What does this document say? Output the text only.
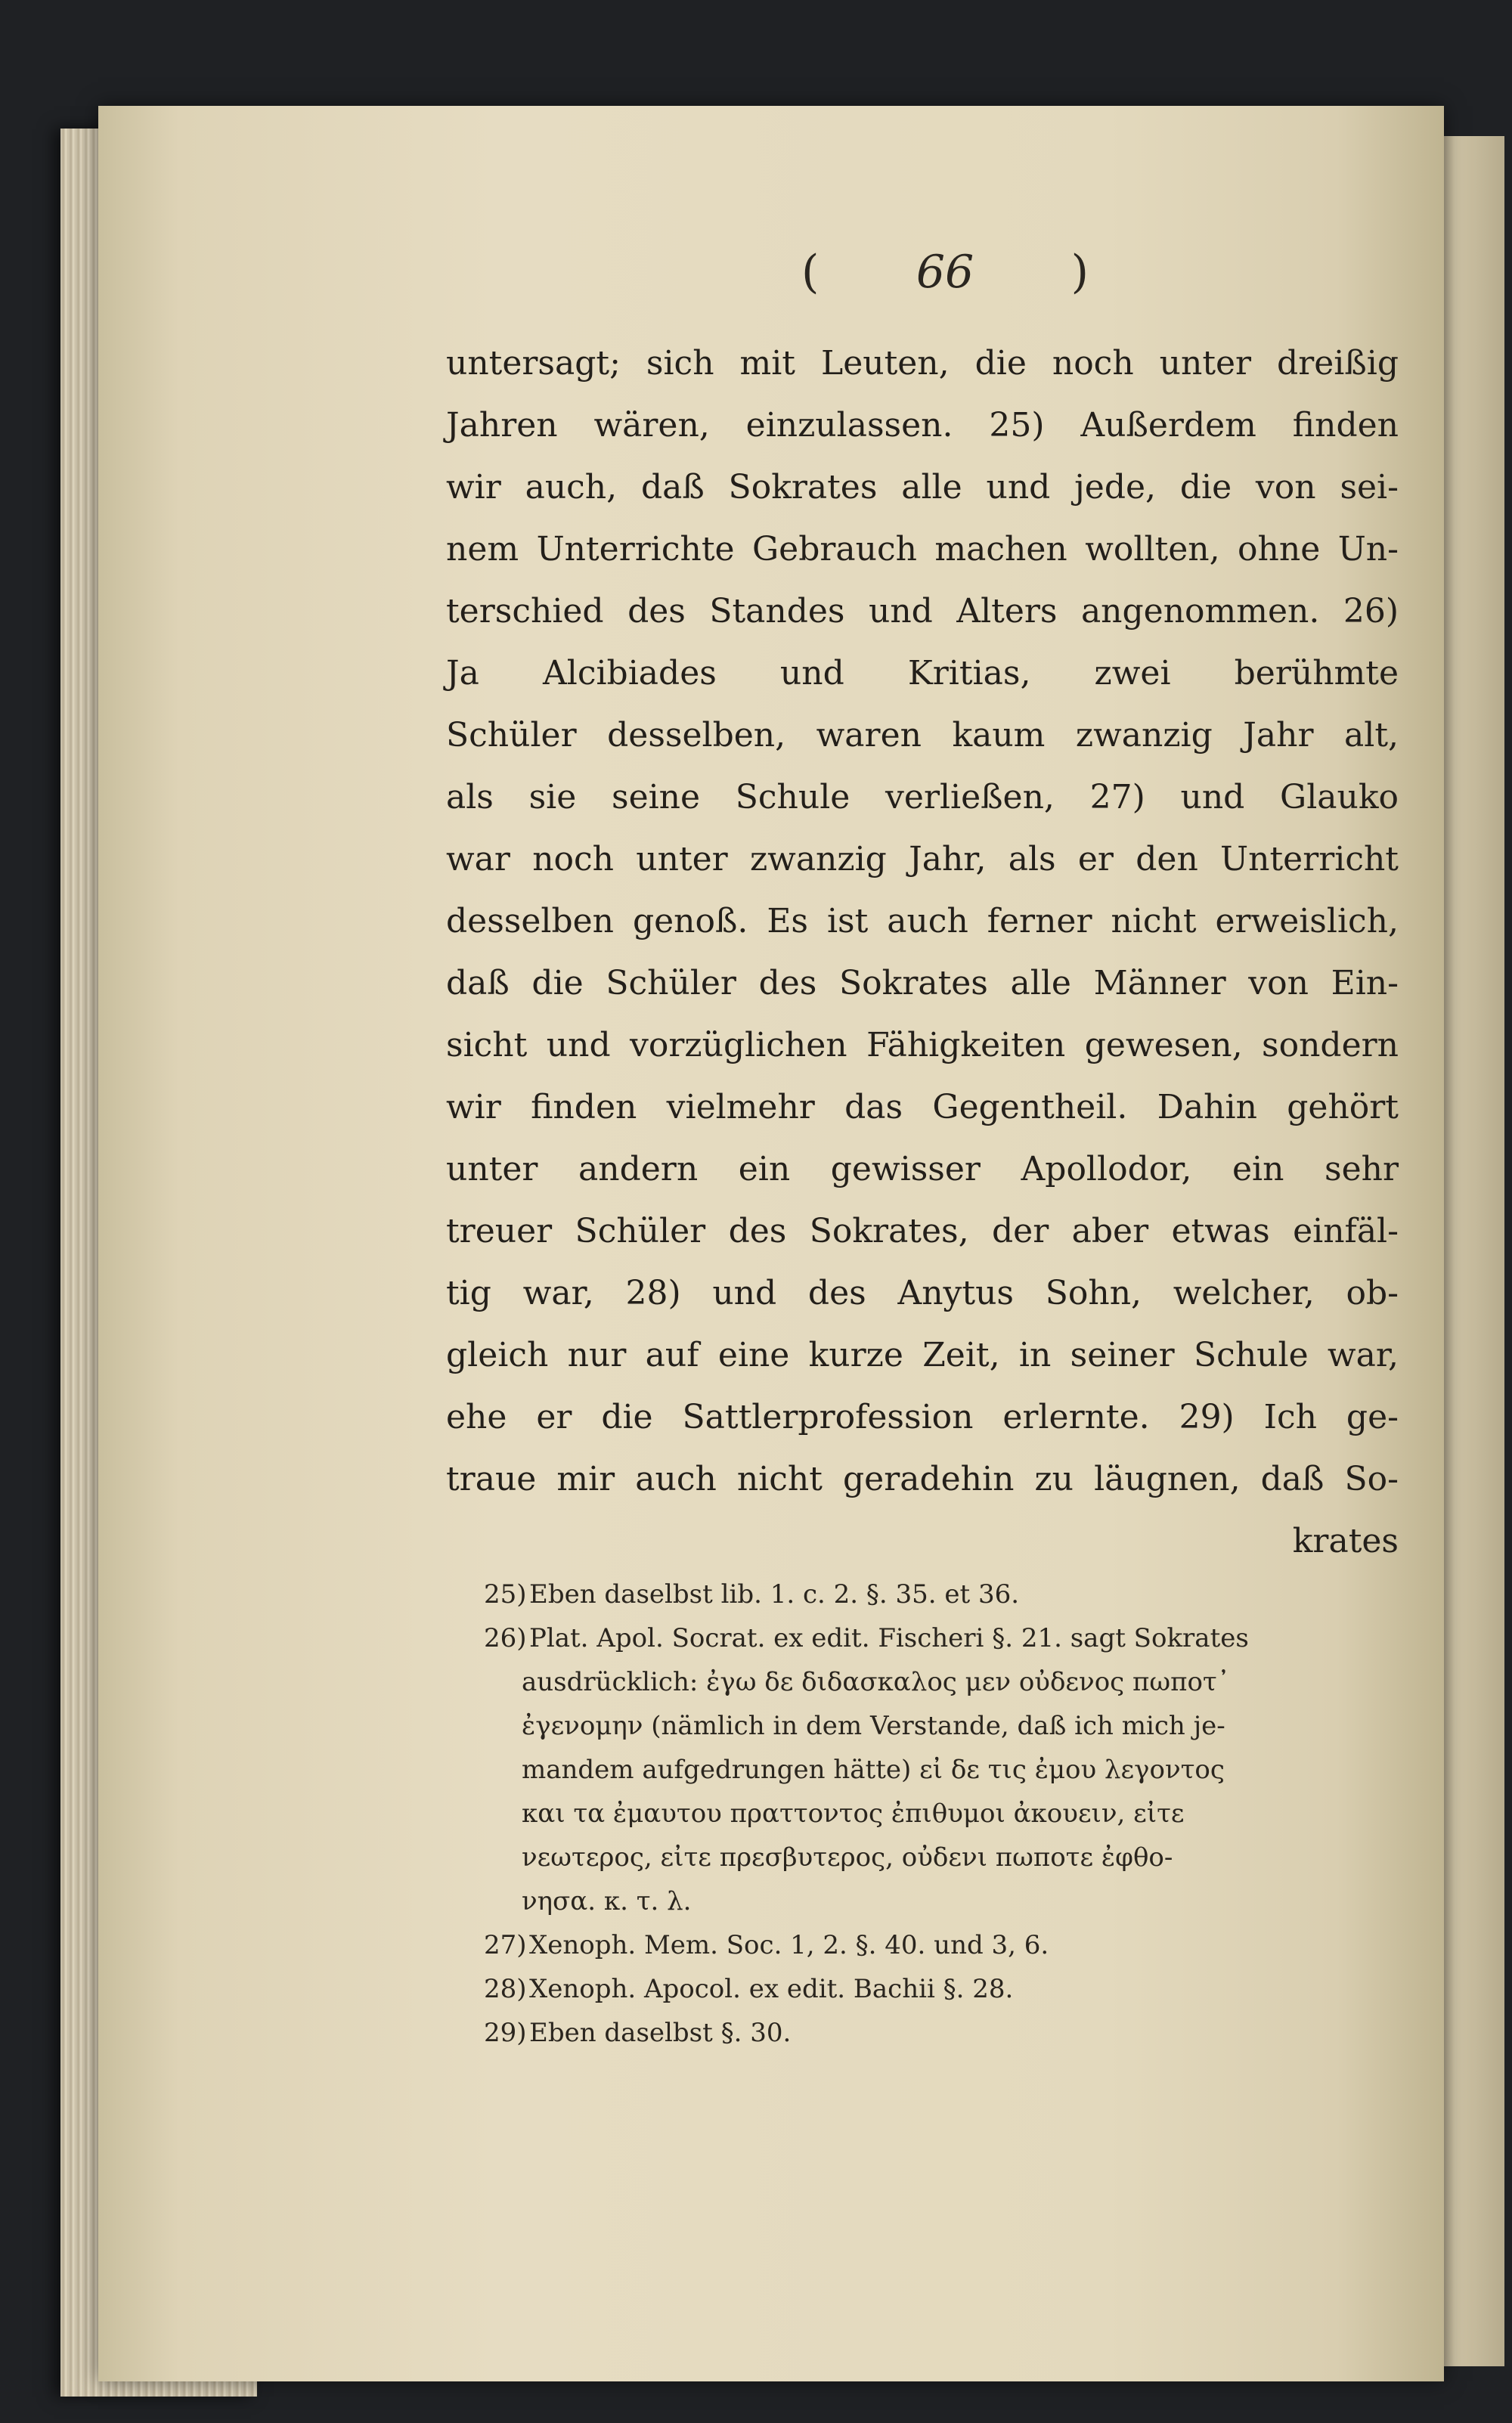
( 66 )
untersagt; sich mit Leuten, die noch unter dreißig
Jahren wären, einzulassen. 25) Außerdem finden
wir auch, daß Sokrates alle und jede, die von sei-
nem Unterrichte Gebrauch machen wollten, ohne Un-
terschied des Standes und Alters angenommen. 26)
Ja Alcibiades und Kritias, zwei berühmte
Schüler desselben, waren kaum zwanzig Jahr alt,
als sie seine Schule verließen, 27) und Glauko
war noch unter zwanzig Jahr, als er den Unterricht
desselben genoß. Es ist auch ferner nicht erweislich,
daß die Schüler des Sokrates alle Männer von Ein-
sicht und vorzüglichen Fähigkeiten gewesen, sondern
wir finden vielmehr das Gegentheil. Dahin gehört
unter andern ein gewisser Apollodor, ein sehr
treuer Schüler des Sokrates, der aber etwas einfäl-
tig war, 28) und des Anytus Sohn, welcher, ob-
gleich nur auf eine kurze Zeit, in seiner Schule war,
ehe er die Sattlerprofession erlernte. 29) Ich ge-
traue mir auch nicht geradehin zu läugnen, daß So-
krates
25) Eben daselbst lib. 1. c. 2. §. 35. et 36.
26) Plat. Apol. Socrat. ex edit. Fischeri §. 21. sagt Sokrates
ausdrücklich: ἐγω δε διδασκαλος μεν οὐδενος πωποτ᾽
ἐγενομην (nämlich in dem Verstande, daß ich mich je-
mandem aufgedrungen hätte) εἰ δε τις ἐμου λεγοντος
και τα ἐμαυτου πραττοντος ἐπιθυμοι ἀκουειν, εἰτε
νεωτερος, εἰτε πρεσβυτερος, οὐδενι πωποτε ἐφθο-
νησα. κ. τ. λ.
27) Xenoph. Mem. Soc. 1, 2. §. 40. und 3, 6.
28) Xenoph. Apocol. ex edit. Bachii §. 28.
29) Eben daselbst §. 30.
